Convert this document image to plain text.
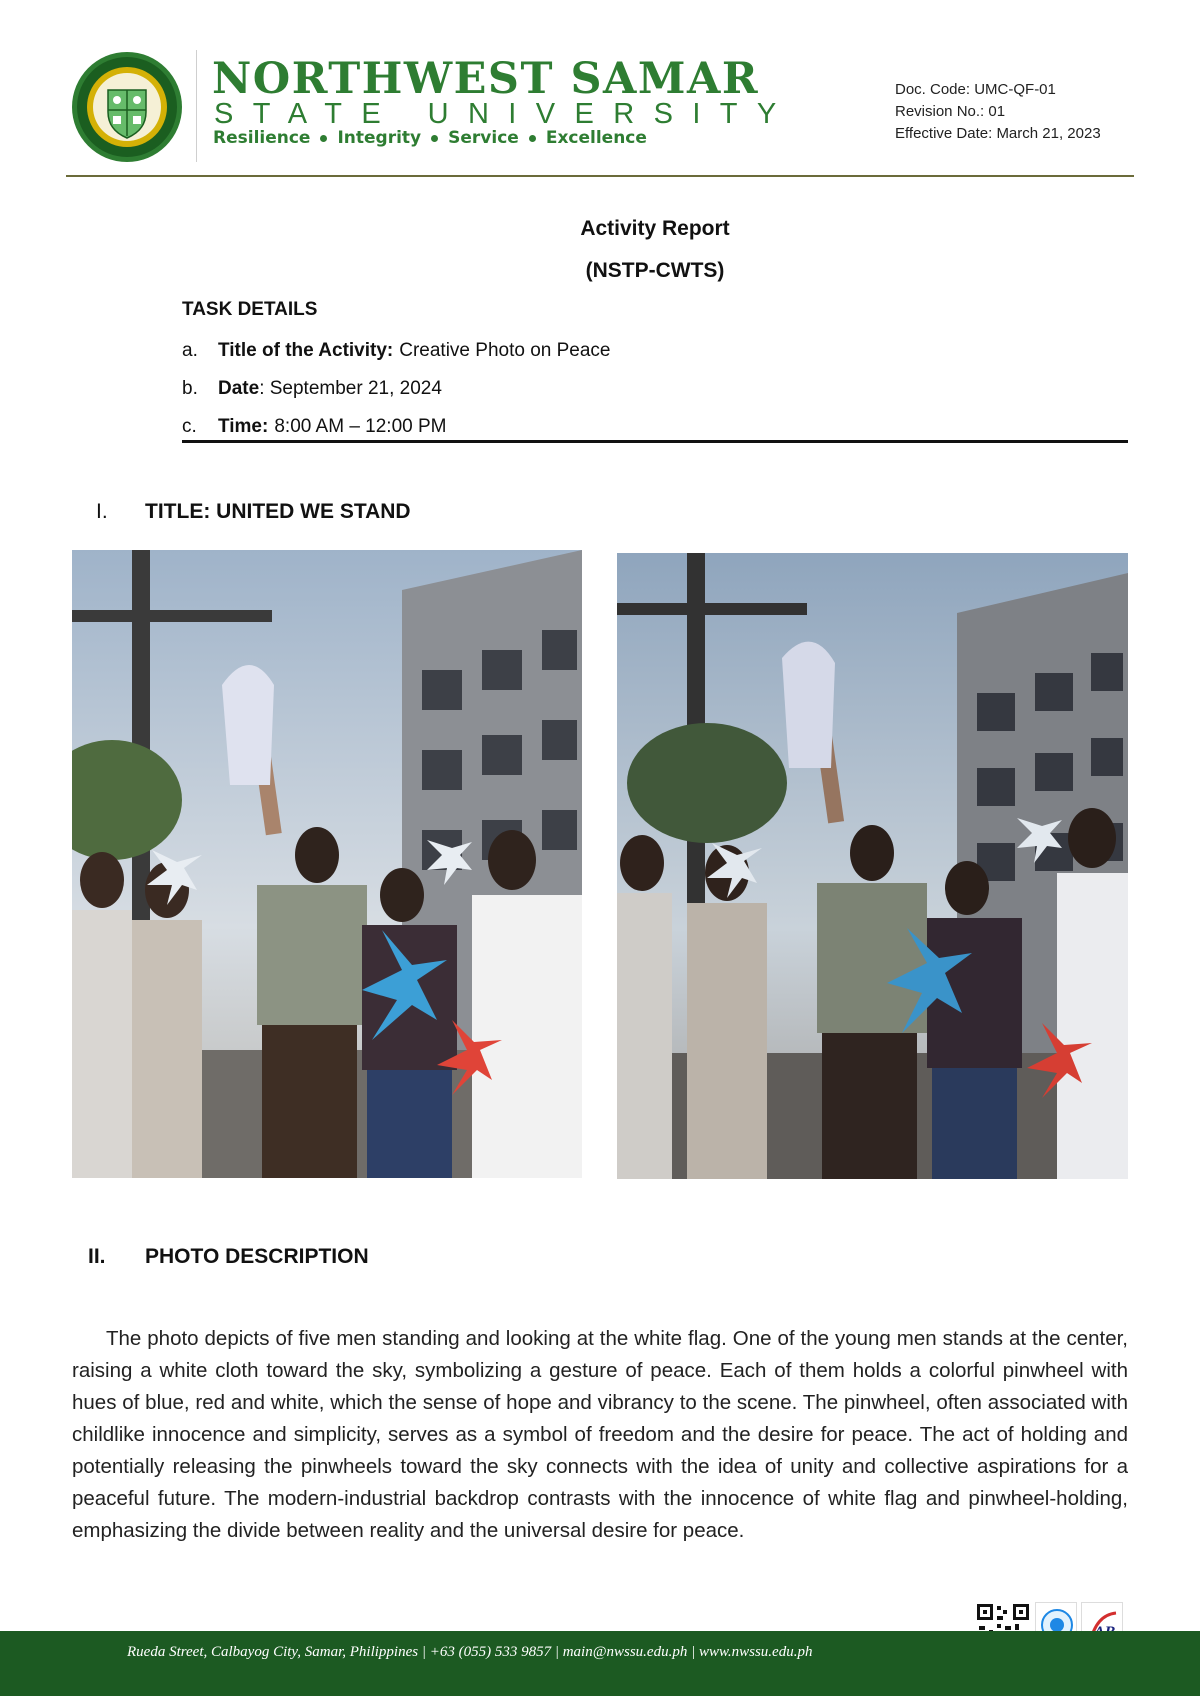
NORTHWEST SAMAR
STATE UNIVERSITY
Resilience Integrity Service Excellence
Doc. Code: UMC-QF-01
Revision No.: 01
Effective Date: March 21, 2023
Activity Report
(NSTP-CWTS)
TASK DETAILS
a.	Title of the Activity: Creative Photo on Peace
b.	Date : September 21, 2024
c.	Time: 8:00 AM – 12:00 PM
I.	TITLE: UNITED WE STAND
II.	PHOTO DESCRIPTION

The photo depicts of five men standing and looking at the white flag. One of the young men stands at the center, raising a white cloth toward the sky, symbolizing a gesture of peace. Each of them holds a colorful pinwheel with hues of blue, red and white, which the sense of hope and vibrancy to the scene. The pinwheel, often associated with childlike innocence and simplicity, serves as a symbol of freedom and the desire for peace. The act of holding and potentially releasing the pinwheels toward the sky connects with the idea of unity and collective aspirations for a peaceful future. The modern-industrial backdrop contrasts with the innocence of white flag and pinwheel-holding, emphasizing the divide between reality and the universal desire for peace.

Rueda Street, Calbayog City, Samar, Philippines | +63 (055) 533 9857 | main@nwssu.edu.ph | www.nwssu.edu.ph
